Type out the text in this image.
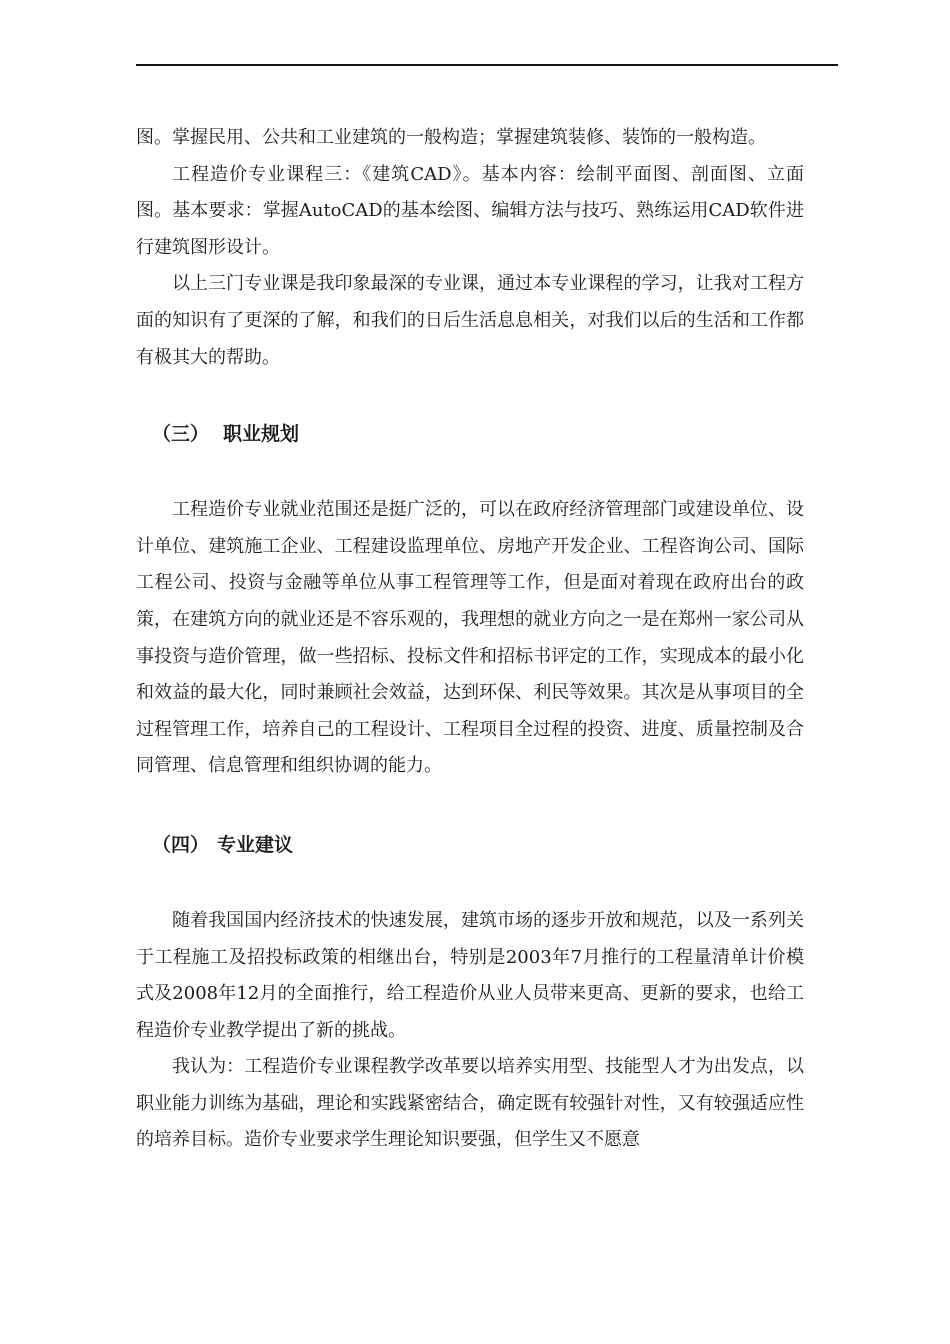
图。掌握民用、公共和工业建筑的一般构造；掌握建筑装修、装饰的一般构造。

工程造价专业课程三：《建筑CAD》。基本内容：绘制平面图、剖面图、立面图。基本要求：掌握AutoCAD的基本绘图、编辑方法与技巧、熟练运用CAD软件进行建筑图形设计。

以上三门专业课是我印象最深的专业课，通过本专业课程的学习，让我对工程方面的知识有了更深的了解，和我们的日后生活息息相关，对我们以后的生活和工作都有极其大的帮助。

（三） 职业规划

工程造价专业就业范围还是挺广泛的，可以在政府经济管理部门或建设单位、设计单位、建筑施工企业、工程建设监理单位、房地产开发企业、工程咨询公司、国际工程公司、投资与金融等单位从事工程管理等工作，但是面对着现在政府出台的政策，在建筑方向的就业还是不容乐观的，我理想的就业方向之一是在郑州一家公司从事投资与造价管理，做一些招标、投标文件和招标书评定的工作，实现成本的最小化和效益的最大化，同时兼顾社会效益，达到环保、利民等效果。其次是从事项目的全过程管理工作，培养自己的工程设计、工程项目全过程的投资、进度、质量控制及合同管理、信息管理和组织协调的能力。

（四） 专业建议

随着我国国内经济技术的快速发展，建筑市场的逐步开放和规范，以及一系列关于工程施工及招投标政策的相继出台，特别是2003年7月推行的工程量清单计价模式及2008年12月的全面推行，给工程造价从业人员带来更高、更新的要求，也给工程造价专业教学提出了新的挑战。

我认为：工程造价专业课程教学改革要以培养实用型、技能型人才为出发点，以职业能力训练为基础，理论和实践紧密结合，确定既有较强针对性，又有较强适应性的培养目标。造价专业要求学生理论知识要强，但学生又不愿意
